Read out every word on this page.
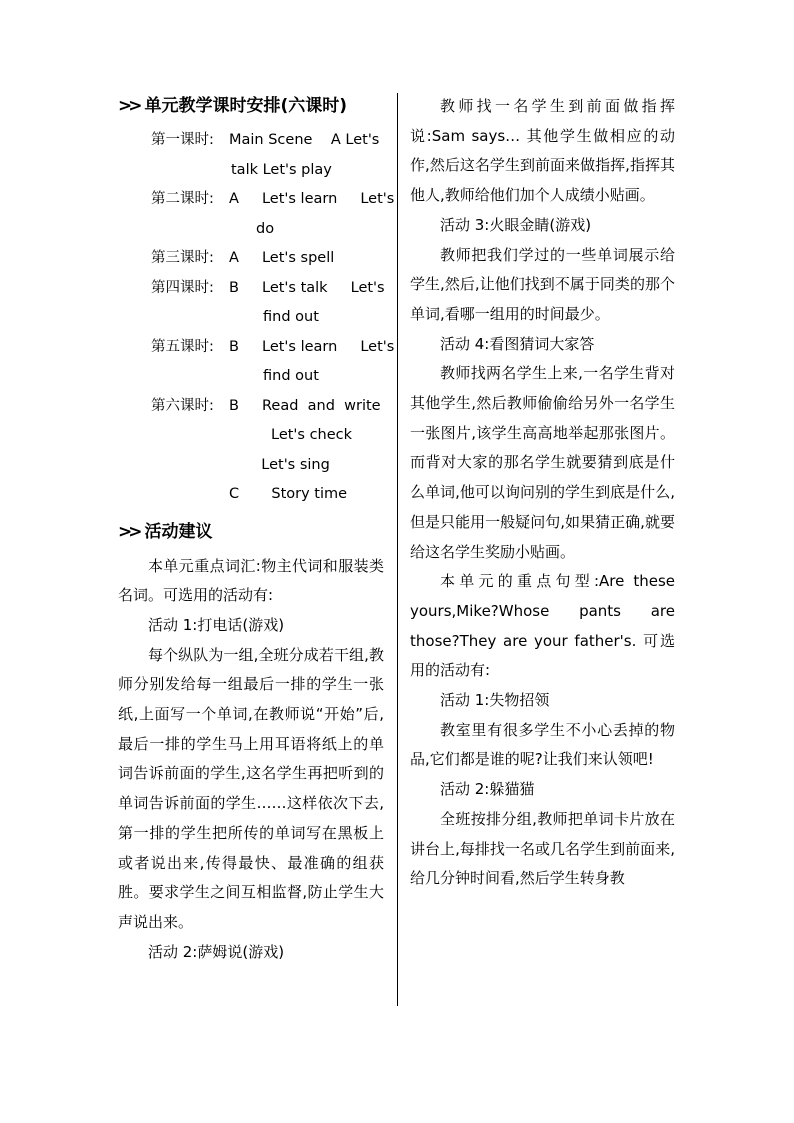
>> 单元教学课时安排(六课时)
第一课时:	Main Scene    A Let's
talk Let's play
第二课时:	A     Let's learn     Let's
do
第三课时:	A     Let's spell
第四课时:	B     Let's talk     Let's
find out
第五课时:	B     Let's learn     Let's
find out
第六课时:	B     Read  and  write
Let's check
Let's sing
C       Story time
>> 活动建议

本单元重点词汇:物主代词和服装类名词。可选用的活动有:

活动 1:打电话(游戏)

每个纵队为一组,全班分成若干组,教师分别发给每一组最后一排的学生一张纸,上面写一个单词,在教师说“开始”后,最后一排的学生马上用耳语将纸上的单词告诉前面的学生,这名学生再把听到的单词告诉前面的学生……这样依次下去,第一排的学生把所传的单词写在黑板上或者说出来,传得最快、最准确的组获胜。要求学生之间互相监督,防止学生大声说出来。

活动 2:萨姆说(游戏)

教师找一名学生到前面做指挥说:Sam says… 其他学生做相应的动作,然后这名学生到前面来做指挥,指挥其他人,教师给他们加个人成绩小贴画。

活动 3:火眼金睛(游戏)

教师把我们学过的一些单词展示给学生,然后,让他们找到不属于同类的那个单词,看哪一组用的时间最少。

活动 4:看图猜词大家答

教师找两名学生上来,一名学生背对其他学生,然后教师偷偷给另外一名学生一张图片,该学生高高地举起那张图片。而背对大家的那名学生就要猜到底是什么单词,他可以询问别的学生到底是什么,但是只能用一般疑问句,如果猜正确,就要给这名学生奖励小贴画。

本单元的重点句型:Are these yours,Mike?Whose pants are those?They are your father's. 可选用的活动有:

活动 1:失物招领

教室里有很多学生不小心丢掉的物品,它们都是谁的呢?让我们来认领吧!

活动 2:躲猫猫

全班按排分组,教师把单词卡片放在讲台上,每排找一名或几名学生到前面来,给几分钟时间看,然后学生转身教
